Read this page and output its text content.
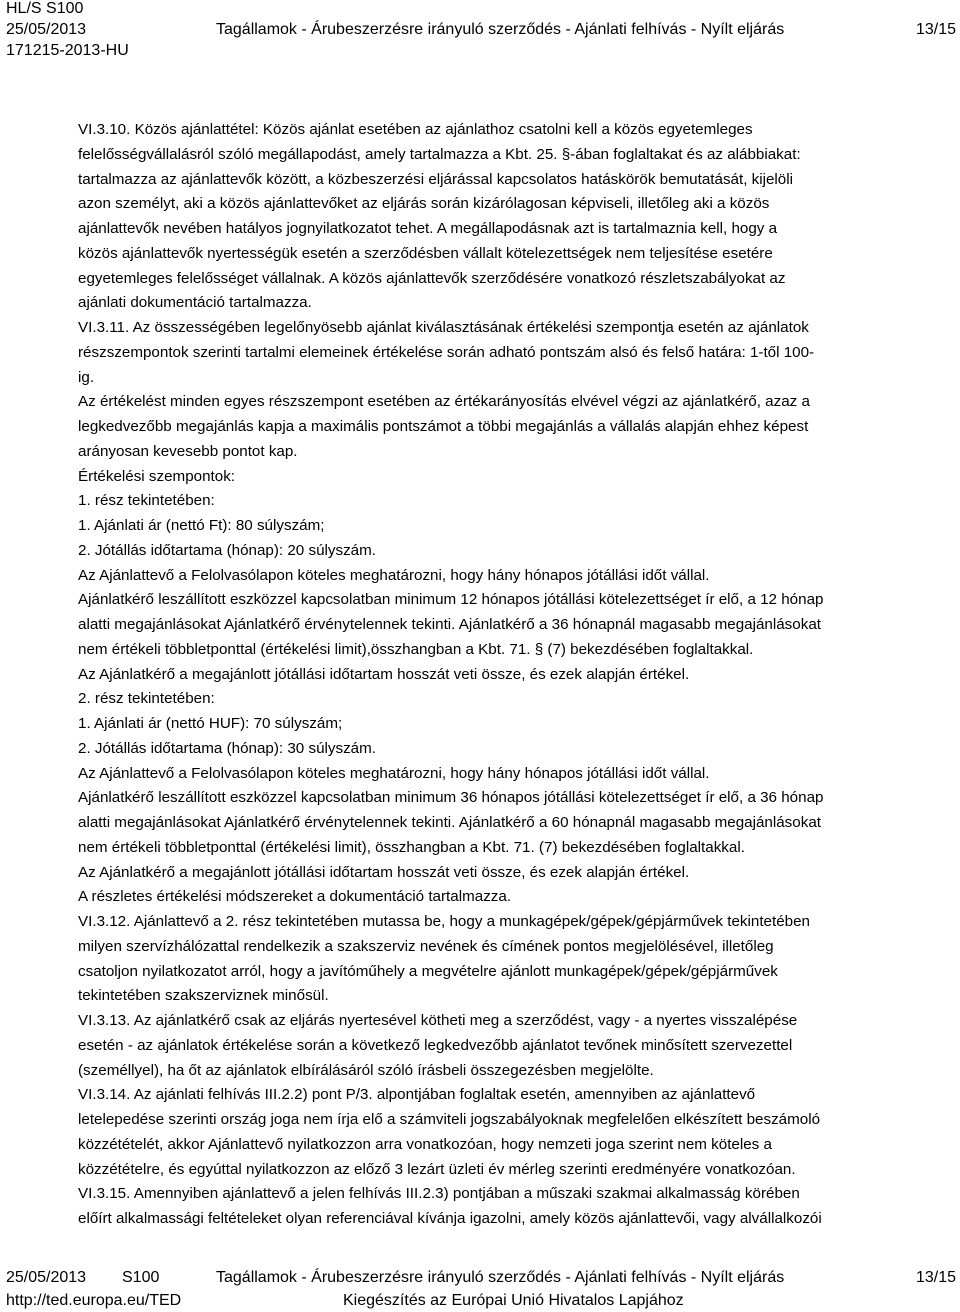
HL/S S100
25/05/2013	Tagállamok - Árubeszerzésre irányuló szerződés - Ajánlati felhívás - Nyílt eljárás	13/15
171215-2013-HU

VI.3.10. Közös ajánlattétel: Közös ajánlat esetében az ajánlathoz csatolni kell a közös egyetemleges

felelősségvállalásról szóló megállapodást, amely tartalmazza a Kbt. 25. §-ában foglaltakat és az alábbiakat:

tartalmazza az ajánlattevők között, a közbeszerzési eljárással kapcsolatos hatáskörök bemutatását, kijelöli

azon személyt, aki a közös ajánlattevőket az eljárás során kizárólagosan képviseli, illetőleg aki a közös

ajánlattevők nevében hatályos jognyilatkozatot tehet. A megállapodásnak azt is tartalmaznia kell, hogy a

közös ajánlattevők nyertességük esetén a szerződésben vállalt kötelezettségek nem teljesítése esetére

egyetemleges felelősséget vállalnak. A közös ajánlattevők szerződésére vonatkozó részletszabályokat az

ajánlati dokumentáció tartalmazza.

VI.3.11. Az összességében legelőnyösebb ajánlat kiválasztásának értékelési szempontja esetén az ajánlatok

részszempontok szerinti tartalmi elemeinek értékelése során adható pontszám alsó és felső határa: 1-től 100-

ig.

Az értékelést minden egyes részszempont esetében az értékarányosítás elvével végzi az ajánlatkérő, azaz a

legkedvezőbb megajánlás kapja a maximális pontszámot a többi megajánlás a vállalás alapján ehhez képest

arányosan kevesebb pontot kap.

Értékelési szempontok:

1. rész tekintetében:

1. Ajánlati ár (nettó Ft): 80 súlyszám;

2. Jótállás időtartama (hónap): 20 súlyszám.

Az Ajánlattevő a Felolvasólapon köteles meghatározni, hogy hány hónapos jótállási időt vállal.

Ajánlatkérő leszállított eszközzel kapcsolatban minimum 12 hónapos jótállási kötelezettséget ír elő, a 12 hónap

alatti megajánlásokat Ajánlatkérő érvénytelennek tekinti. Ajánlatkérő a 36 hónapnál magasabb megajánlásokat

nem értékeli többletponttal (értékelési limit),összhangban a Kbt. 71. § (7) bekezdésében foglaltakkal.

Az Ajánlatkérő a megajánlott jótállási időtartam hosszát veti össze, és ezek alapján értékel.

2. rész tekintetében:

1. Ajánlati ár (nettó HUF): 70 súlyszám;

2. Jótállás időtartama (hónap): 30 súlyszám.

Az Ajánlattevő a Felolvasólapon köteles meghatározni, hogy hány hónapos jótállási időt vállal.

Ajánlatkérő leszállított eszközzel kapcsolatban minimum 36 hónapos jótállási kötelezettséget ír elő, a 36 hónap

alatti megajánlásokat Ajánlatkérő érvénytelennek tekinti. Ajánlatkérő a 60 hónapnál magasabb megajánlásokat

nem értékeli többletponttal (értékelési limit), összhangban a Kbt. 71. (7) bekezdésében foglaltakkal.

Az Ajánlatkérő a megajánlott jótállási időtartam hosszát veti össze, és ezek alapján értékel.

A részletes értékelési módszereket a dokumentáció tartalmazza.

VI.3.12. Ajánlattevő a 2. rész tekintetében mutassa be, hogy a munkagépek/gépek/gépjárművek tekintetében

milyen szervízhálózattal rendelkezik a szakszerviz nevének és címének pontos megjelölésével, illetőleg

csatoljon nyilatkozatot arról, hogy a javítóműhely a megvételre ajánlott munkagépek/gépek/gépjárművek

tekintetében szakszerviznek minősül.

VI.3.13. Az ajánlatkérő csak az eljárás nyertesével kötheti meg a szerződést, vagy - a nyertes visszalépése

esetén - az ajánlatok értékelése során a következő legkedvezőbb ajánlatot tevőnek minősített szervezettel

(személlyel), ha őt az ajánlatok elbírálásáról szóló írásbeli összegezésben megjelölte.

VI.3.14. Az ajánlati felhívás III.2.2) pont P/3. alpontjában foglaltak esetén, amennyiben az ajánlattevő

letelepedése szerinti ország joga nem írja elő a számviteli jogszabályoknak megfelelően elkészített beszámoló

közzétételét, akkor Ajánlattevő nyilatkozzon arra vonatkozóan, hogy nemzeti joga szerint nem köteles a

közzétételre, és egyúttal nyilatkozzon az előző 3 lezárt üzleti év mérleg szerinti eredményére vonatkozóan.

VI.3.15. Amennyiben ajánlattevő a jelen felhívás III.2.3) pontjában a műszaki szakmai alkalmasság körében

előírt alkalmassági feltételeket olyan referenciával kívánja igazolni, amely közös ajánlattevői, vagy alvállalkozói

25/05/2013 S100	Tagállamok - Árubeszerzésre irányuló szerződés - Ajánlati felhívás - Nyílt eljárás	13/15
http://ted.europa.eu/TED	Kiegészítés az Európai Unió Hivatalos Lapjához
